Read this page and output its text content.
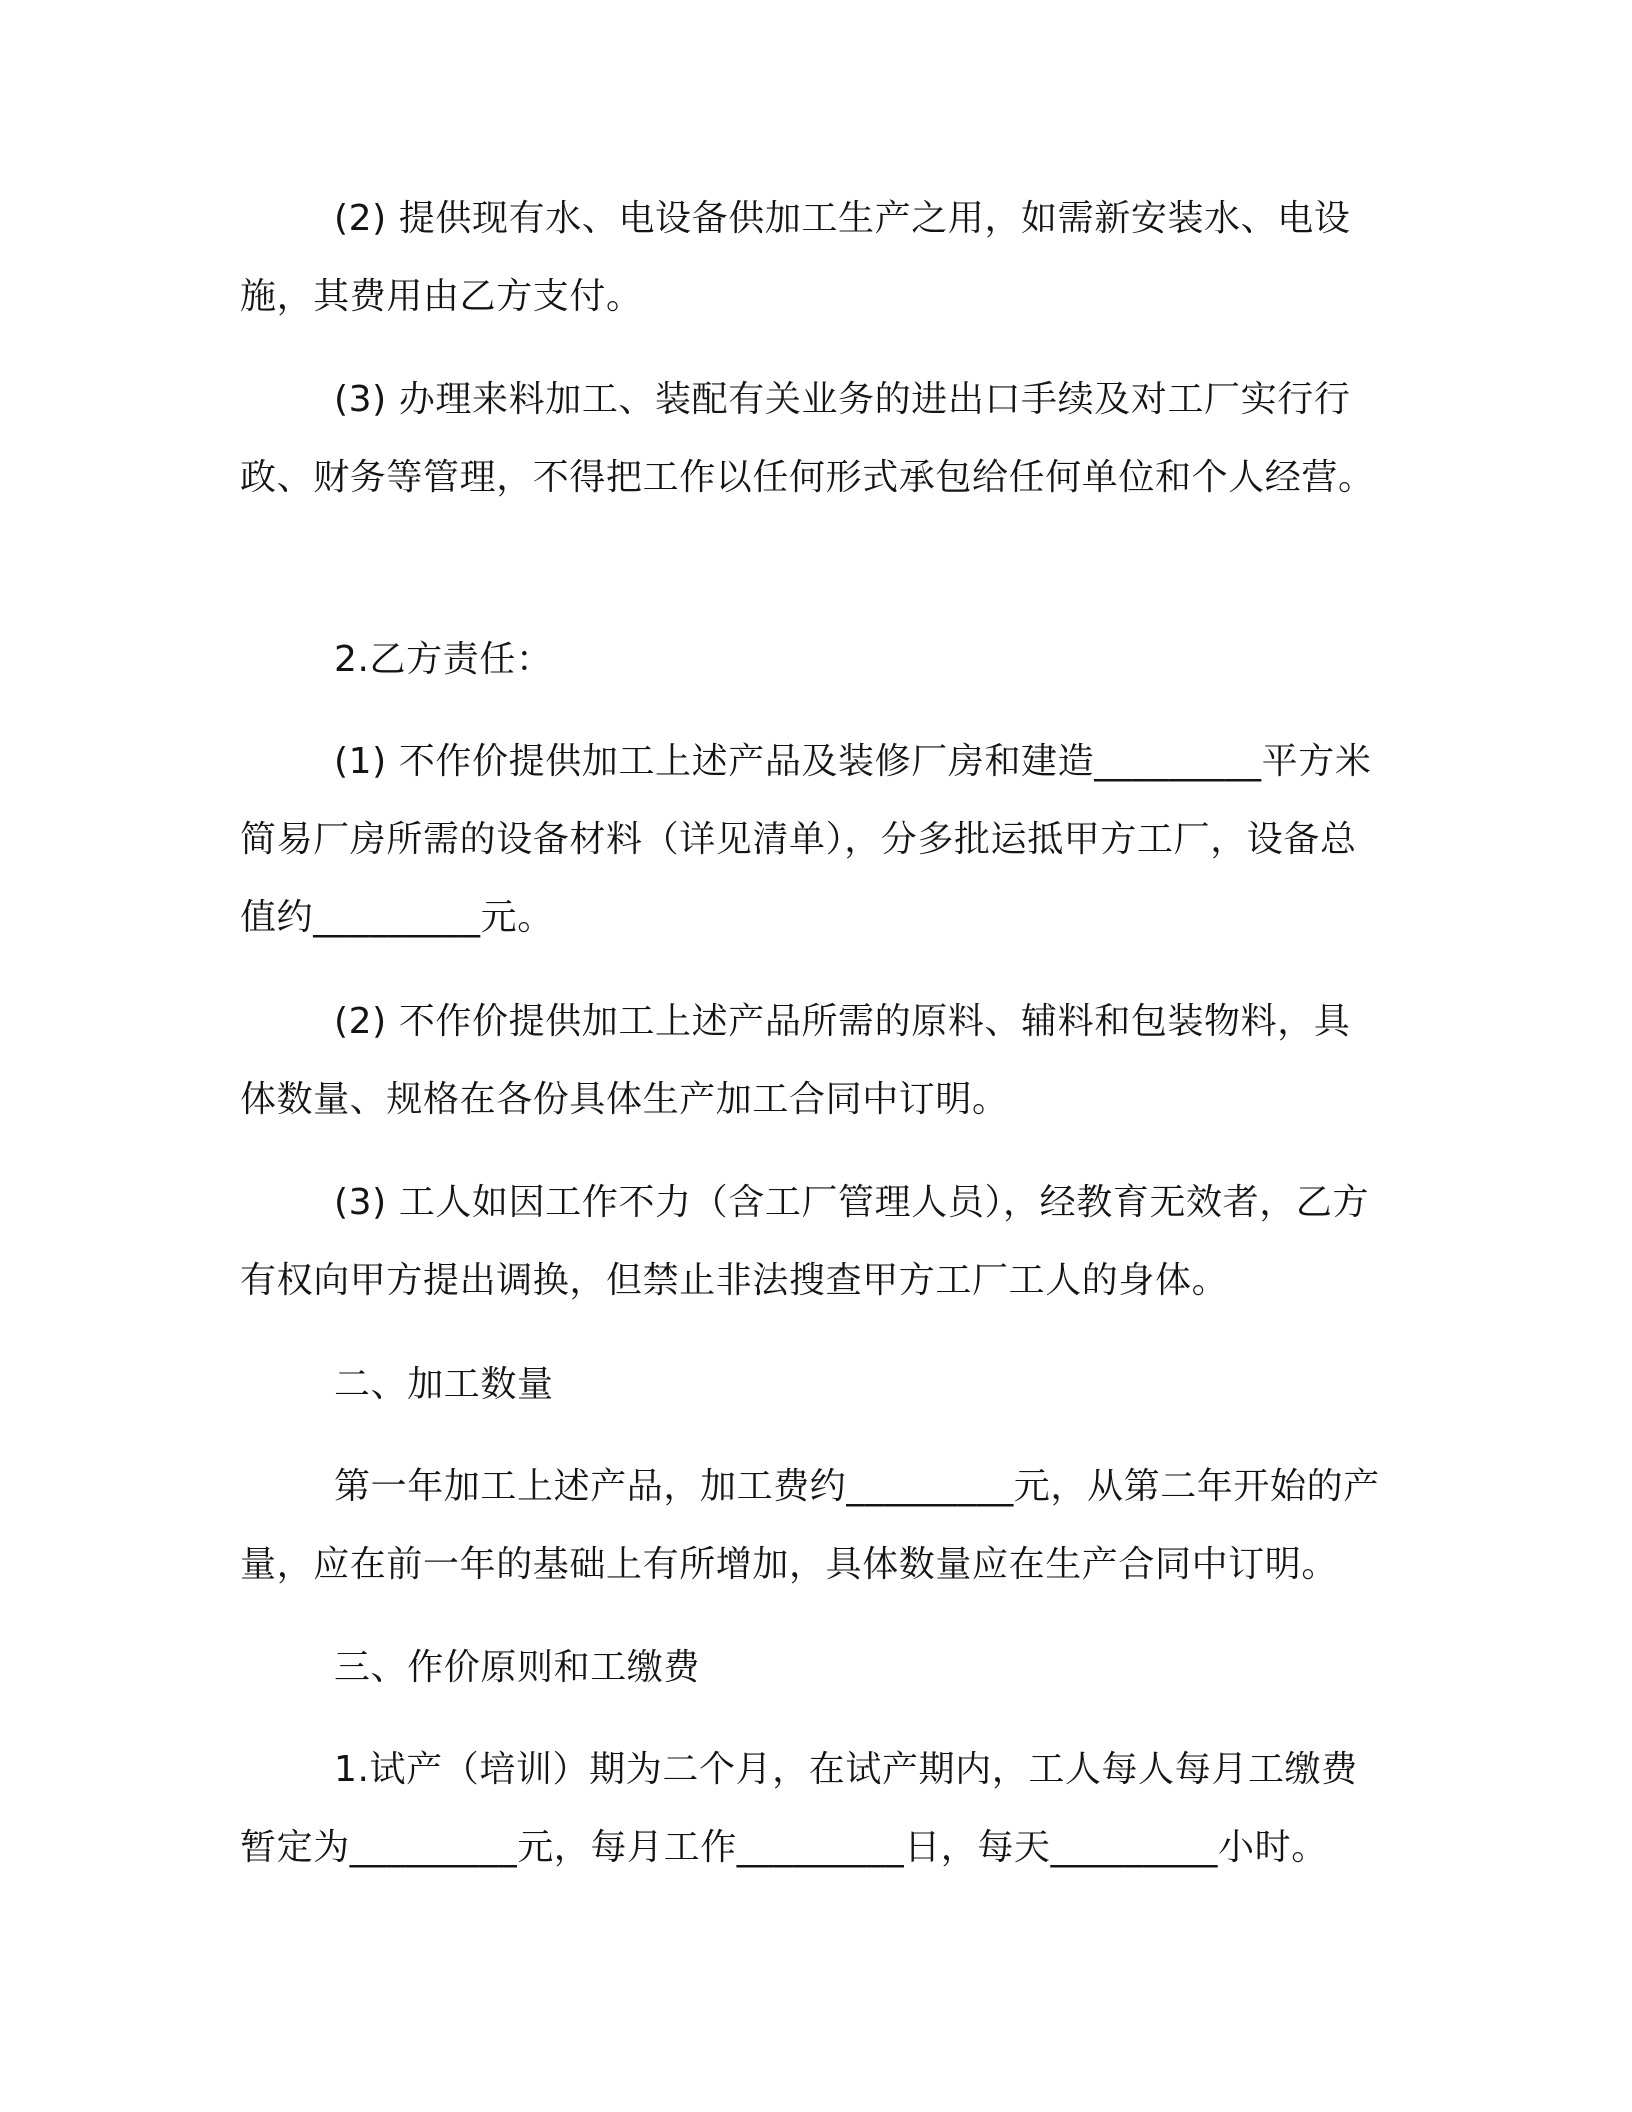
(2) 提供现有水、电设备供加工生产之用，如需新安装水、电设施，其费用由乙方支付。

(3) 办理来料加工、装配有关业务的进出口手续及对工厂实行行政、财务等管理，不得把工作以任何形式承包给任何单位和个人经营。

2.乙方责任：

(1) 不作价提供加工上述产品及装修厂房和建造_________平方米简易厂房所需的设备材料（详见清单），分多批运抵甲方工厂，设备总值约_________元。

(2) 不作价提供加工上述产品所需的原料、辅料和包装物料，具体数量、规格在各份具体生产加工合同中订明。

(3) 工人如因工作不力（含工厂管理人员），经教育无效者，乙方有权向甲方提出调换，但禁止非法搜查甲方工厂工人的身体。

二、加工数量

第一年加工上述产品，加工费约_________元，从第二年开始的产量，应在前一年的基础上有所增加，具体数量应在生产合同中订明。

三、作价原则和工缴费

1.试产（培训）期为二个月，在试产期内，工人每人每月工缴费暂定为_________元，每月工作_________日，每天_________小时。
